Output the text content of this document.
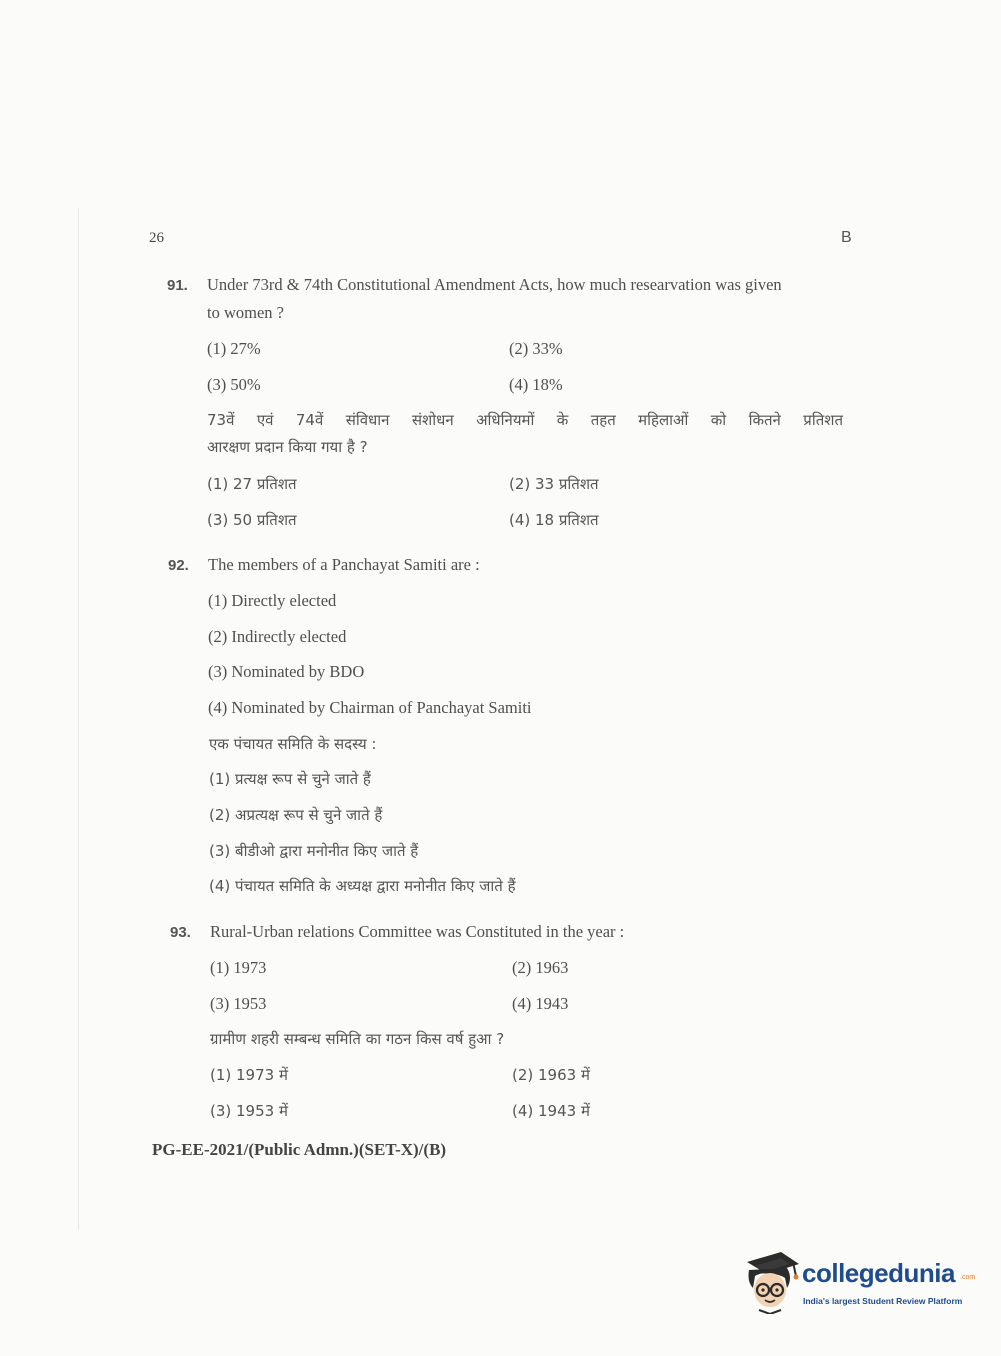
26	B
91. Under 73rd & 74th Constitutional Amendment Acts, how much researvation was given
to women ?
(1) 27%	(2) 33%
(3) 50%	(4) 18%
73वें एवं 74वें संविधान संशोधन अधिनियमों के तहत महिलाओं को कितने प्रतिशत
आरक्षण प्रदान किया गया है ?
(1) 27 प्रतिशत	(2) 33 प्रतिशत
(3) 50 प्रतिशत	(4) 18 प्रतिशत
92. The members of a Panchayat Samiti are :
(1) Directly elected
(2) Indirectly elected
(3) Nominated by BDO
(4) Nominated by Chairman of Panchayat Samiti
एक पंचायत समिति के सदस्य :
(1) प्रत्यक्ष रूप से चुने जाते हैं
(2) अप्रत्यक्ष रूप से चुने जाते हैं
(3) बीडीओ द्वारा मनोनीत किए जाते हैं
(4) पंचायत समिति के अध्यक्ष द्वारा मनोनीत किए जाते हैं
93. Rural-Urban relations Committee was Constituted in the year :
(1) 1973	(2) 1963
(3) 1953	(4) 1943
ग्रामीण शहरी सम्बन्ध समिति का गठन किस वर्ष हुआ ?
(1) 1973 में	(2) 1963 में
(3) 1953 में	(4) 1943 में
PG-EE-2021/(Public Admn.)(SET-X)/(B)
collegedunia .com
India's largest Student Review Platform
